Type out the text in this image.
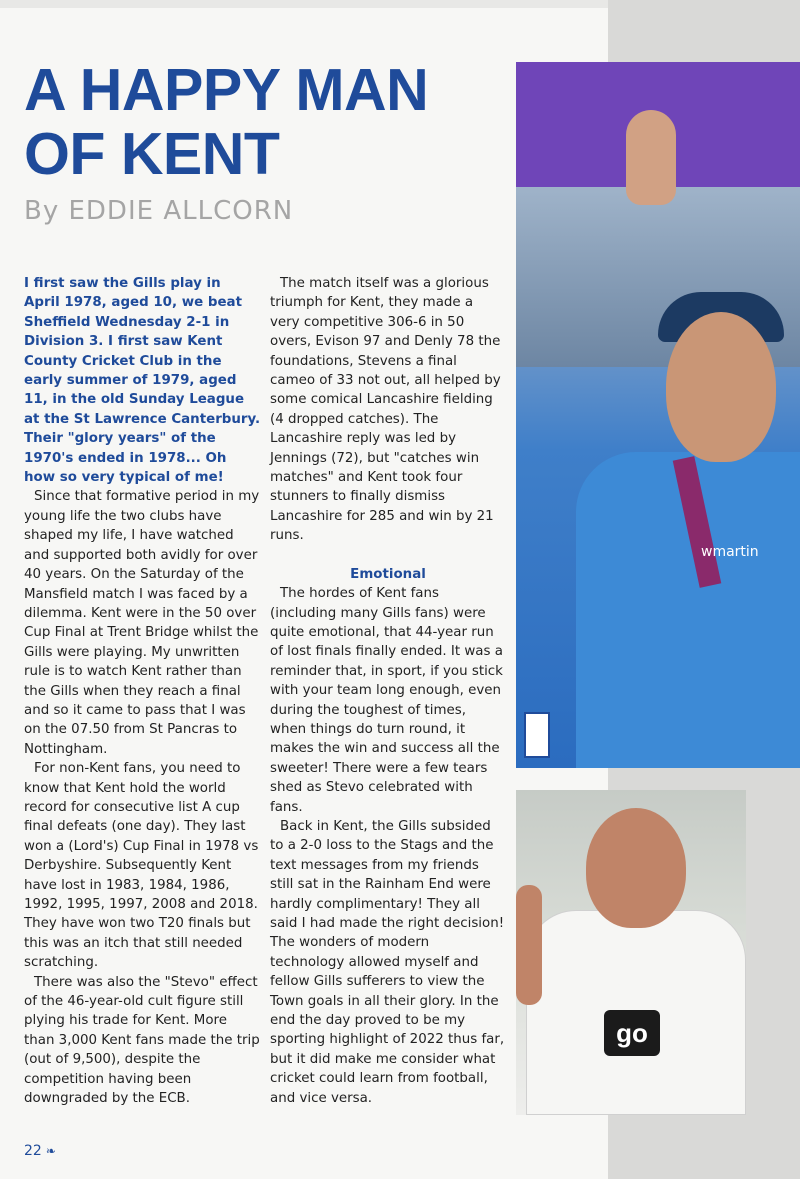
A HAPPY MAN OF KENT
By EDDIE ALLCORN

I first saw the Gills play in April 1978, aged 10, we beat Sheffield Wednesday 2-1 in Division 3. I first saw Kent County Cricket Club in the early summer of 1979, aged 11, in the old Sunday League at the St Lawrence Canterbury. Their "glory years" of the 1970's ended in 1978... Oh how so very typical of me!

Since that formative period in my young life the two clubs have shaped my life, I have watched and supported both avidly for over 40 years. On the Saturday of the Mansfield match I was faced by a dilemma. Kent were in the 50 over Cup Final at Trent Bridge whilst the Gills were playing. My unwritten rule is to watch Kent rather than the Gills when they reach a final and so it came to pass that I was on the 07.50 from St Pancras to Nottingham.

For non-Kent fans, you need to know that Kent hold the world record for consecutive list A cup final defeats (one day). They last won a (Lord's) Cup Final in 1978 vs Derbyshire. Subsequently Kent have lost in 1983, 1984, 1986, 1992, 1995, 1997, 2008 and 2018. They have won two T20 finals but this was an itch that still needed scratching.

There was also the "Stevo" effect of the 46-year-old cult figure still plying his trade for Kent. More than 3,000 Kent fans made the trip (out of 9,500), despite the competition having been downgraded by the ECB.

The match itself was a glorious triumph for Kent, they made a very competitive 306-6 in 50 overs, Evison 97 and Denly 78 the foundations, Stevens a final cameo of 33 not out, all helped by some comical Lancashire fielding (4 dropped catches). The Lancashire reply was led by Jennings (72), but "catches win matches" and Kent took four stunners to finally dismiss Lancashire for 285 and win by 21 runs.

Emotional

The hordes of Kent fans (including many Gills fans) were quite emotional, that 44-year run of lost finals finally ended. It was a reminder that, in sport, if you stick with your team long enough, even during the toughest of times, when things do turn round, it makes the win and success all the sweeter! There were a few tears shed as Stevo celebrated with fans.

Back in Kent, the Gills subsided to a 2-0 loss to the Stags and the text messages from my friends still sat in the Rainham End were hardly complimentary! They all said I had made the right decision! The wonders of modern technology allowed myself and fellow Gills sufferers to view the Town goals in all their glory. In the end the day proved to be my sporting highlight of 2022 thus far, but it did make me consider what cricket could learn from football, and vice versa.

wmartin
go
22 ❧
